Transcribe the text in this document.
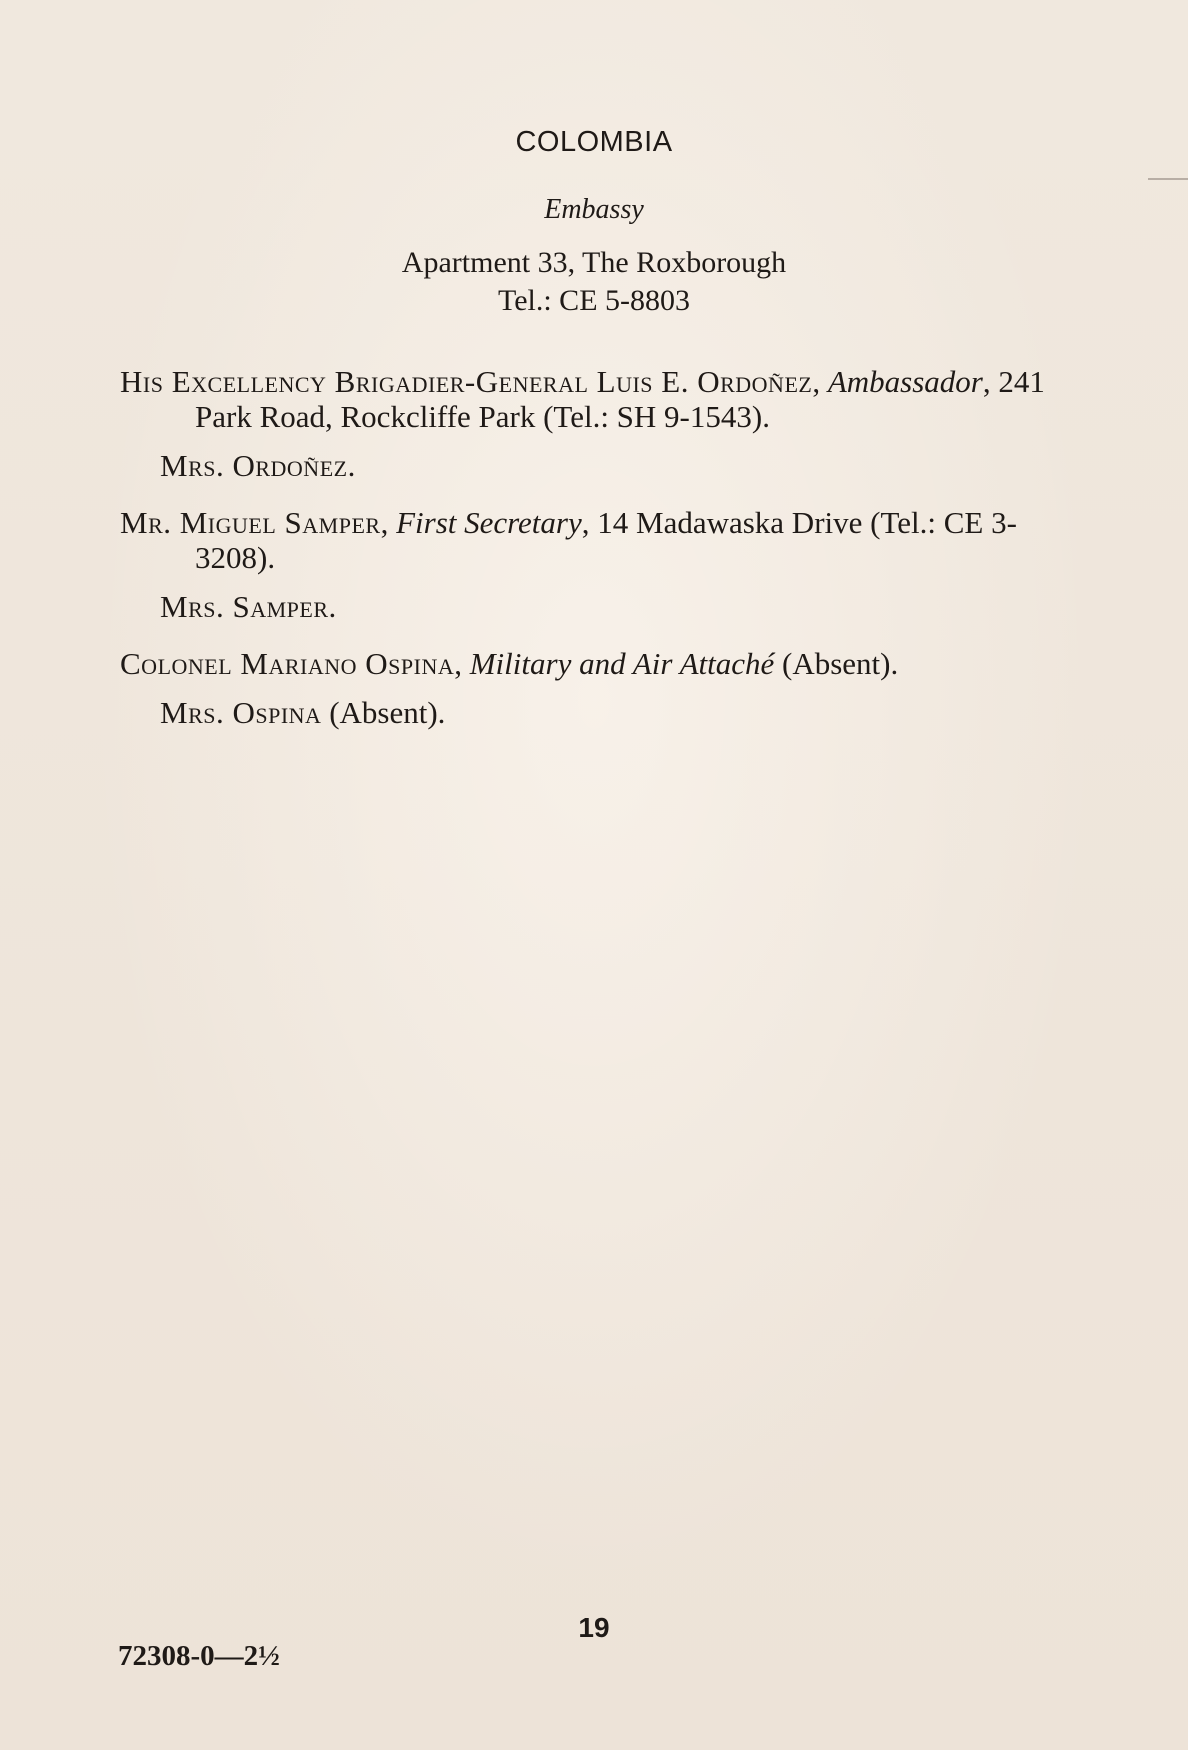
COLOMBIA
Embassy
Apartment 33, The Roxborough
Tel.: CE 5-8803

His Excellency Brigadier-General Luis E. Ordoñez, Ambassador, 241 Park Road, Rockcliffe Park (Tel.: SH 9-1543).

Mrs. Ordoñez.

Mr. Miguel Samper, First Secretary, 14 Madawaska Drive (Tel.: CE 3-3208).

Mrs. Samper.

Colonel Mariano Ospina, Military and Air Attaché (Absent).

Mrs. Ospina (Absent).

19
72308-0—2½
